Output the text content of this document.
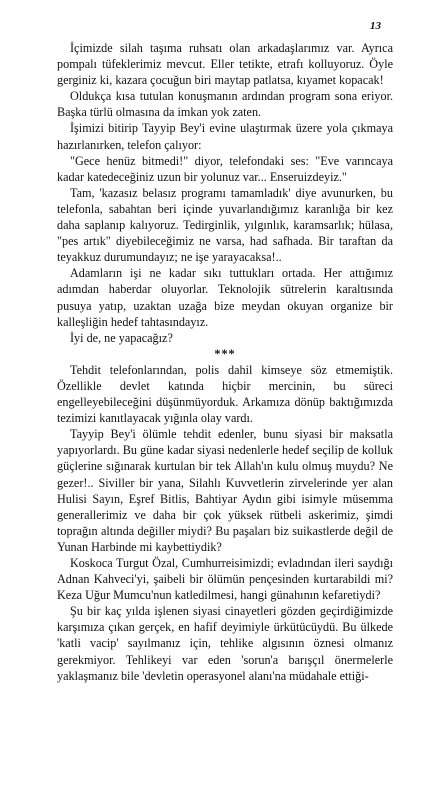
13

İçimizde silah taşıma ruhsatı olan arkadaşlarımız var. Ayrıca pompalı tüfeklerimiz mevcut. Eller tetikte, etrafı kolluyoruz. Öyle gerginiz ki, kazara çocuğun biri maytap patlatsa, kıyamet kopacak!

Oldukça kısa tutulan konuşmanın ardından program sona eriyor. Başka türlü olmasına da imkan yok zaten.

İşimizi bitirip Tayyip Bey'i evine ulaştırmak üzere yola çıkmaya hazırlanırken, telefon çalıyor:

"Gece henüz bitmedi!" diyor, telefondaki ses: "Eve varıncaya kadar katedeceğiniz uzun bir yolunuz var... Enseruizdeyiz."

Tam, 'kazasız belasız programı tamamladık' diye avunurken, bu telefonla, sabahtan beri içinde yuvarlandığımız karanlığa bir kez daha saplanıp kalıyoruz. Tedirginlik, yılgınlık, karamsarlık; hülasa, "pes artık" diyebileceğimiz ne varsa, had safhada. Bir taraftan da teyakkuz durumundayız; ne işe yarayacaksa!..

Adamların işi ne kadar sıkı tuttukları ortada. Her attığımız adımdan haberdar oluyorlar. Teknolojik sütrelerin karaltısında pusuya yatıp, uzaktan uzağa bize meydan okuyan organize bir kalleşliğin hedef tahtasındayız.

İyi de, ne yapacağız?

***

Tehdit telefonlarından, polis dahil kimseye söz etmemiştik. Özellikle devlet katında hiçbir mercinin, bu süreci engelleyebileceğini düşünmüyorduk. Arkamıza dönüp baktığımızda tezimizi kanıtlayacak yığınla olay vardı.

Tayyip Bey'i ölümle tehdit edenler, bunu siyasi bir maksatla yapıyorlardı. Bu güne kadar siyasi nedenlerle hedef seçilip de kolluk güçlerine sığınarak kurtulan bir tek Allah'ın kulu olmuş muydu? Ne gezer!.. Siviller bir yana, Silahlı Kuvvetlerin zirvelerinde yer alan Hulisi Sayın, Eşref Bitlis, Bahtiyar Aydın gibi isimyle müsemma generallerimiz ve daha bir çok yüksek rütbeli askerimiz, şimdi toprağın altında değiller miydi? Bu paşaları biz suikastlerde değil de Yunan Harbinde mi kaybettiydik?

Koskoca Turgut Özal, Cumhurreisimizdi; evladından ileri saydığı Adnan Kahveci'yi, şaibeli bir ölümün pençesinden kurtarabildi mi? Keza Uğur Mumcu'nun katledilmesi, hangi günahının kefaretiydi?

Şu bir kaç yılda işlenen siyasi cinayetleri gözden geçirdiğimizde karşımıza çıkan gerçek, en hafif deyimiyle ürkütücüydü. Bu ülkede 'katli vacip' sayılmanız için, tehlike algısının öznesi olmanız gerekmiyor. Tehlikeyi var eden 'sorun'a barışçıl önermelerle yaklaşmanız bile 'devletin operasyonel alanı'na müdahale ettiği-
